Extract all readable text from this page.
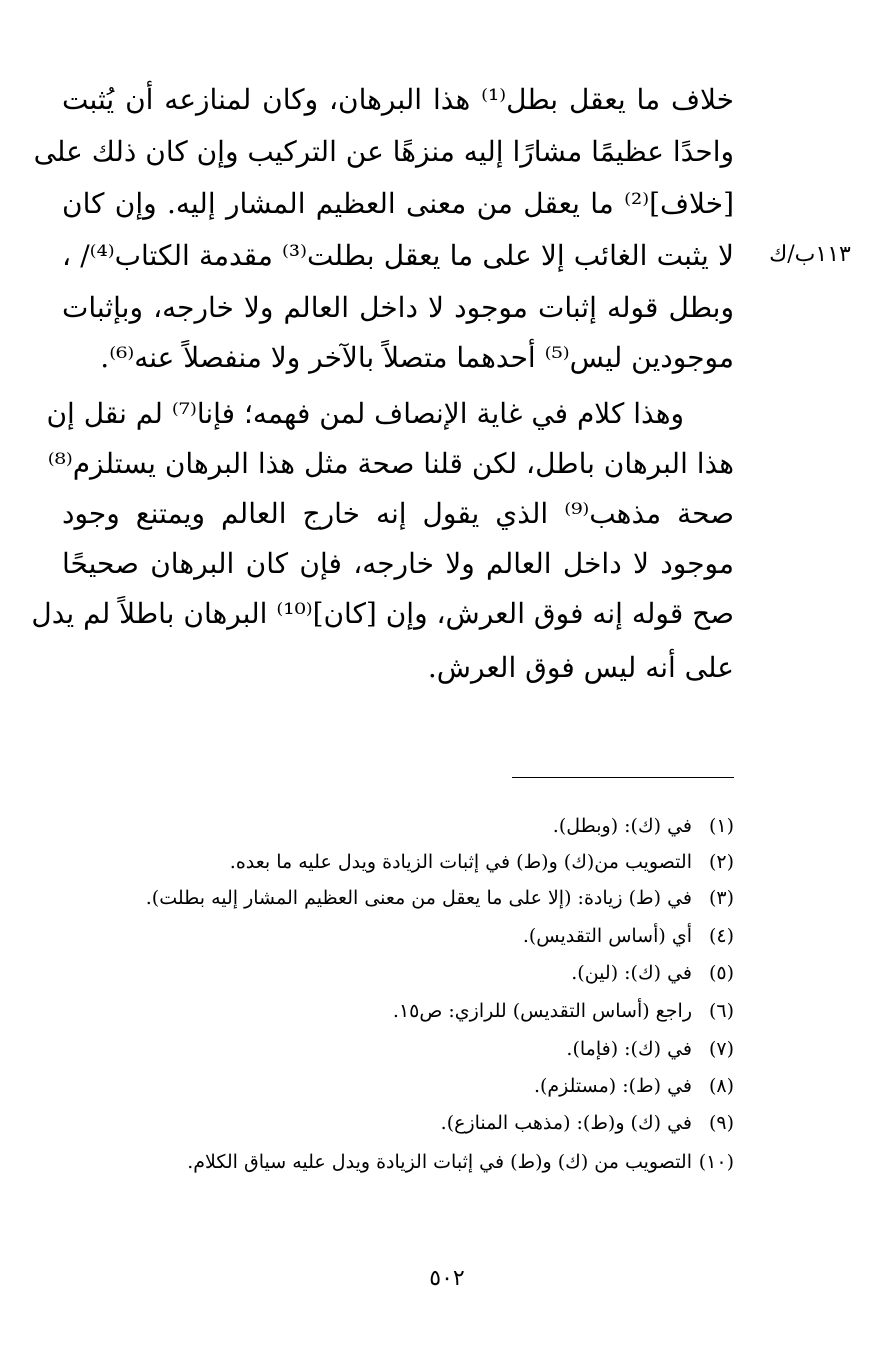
١١٣ب/ك
خلاف ما يعقل بطل⁽¹⁾ هذا البرهان، وكان لمنازعه أن يُثبت
واحدًا عظيمًا مشارًا إليه منزهًا عن التركيب وإن كان ذلك على
[خلاف]⁽²⁾ ما يعقل من معنى العظيم المشار إليه. وإن كان
لا يثبت الغائب إلا على ما يعقل بطلت⁽³⁾ مقدمة الكتاب⁽⁴⁾/ ،
وبطل قوله إثبات موجود لا داخل العالم ولا خارجه، وبإثبات
موجودين ليس⁽⁵⁾ أحدهما متصلاً بالآخر ولا منفصلاً عنه⁽⁶⁾.
وهذا كلام في غاية الإنصاف لمن فهمه؛ فإنا⁽⁷⁾ لم نقل إن
هذا البرهان باطل، لكن قلنا صحة مثل هذا البرهان يستلزم⁽⁸⁾
صحة مذهب⁽⁹⁾ الذي يقول إنه خارج العالم ويمتنع وجود
موجود لا داخل العالم ولا خارجه، فإن كان البرهان صحيحًا
صح قوله إنه فوق العرش، وإن [كان]⁽¹⁰⁾ البرهان باطلاً لم يدل
على أنه ليس فوق العرش.
(١)
في (ك): (وبطل).
(٢)
التصويب من(ك) و(ط) في إثبات الزيادة ويدل عليه ما بعده.
(٣)
في (ط) زيادة: (إلا على ما يعقل من معنى العظيم المشار إليه بطلت).
(٤)
أي (أساس التقديس).
(٥)
في (ك): (لين).
(٦)
راجع (أساس التقديس) للرازي: ص١٥.
(٧)
في (ك): (فإما).
(٨)
في (ط): (مستلزم).
(٩)
في (ك) و(ط): (مذهب المنازع).
(١٠)
التصويب من (ك) و(ط) في إثبات الزيادة ويدل عليه سياق الكلام.
٥٠٢
